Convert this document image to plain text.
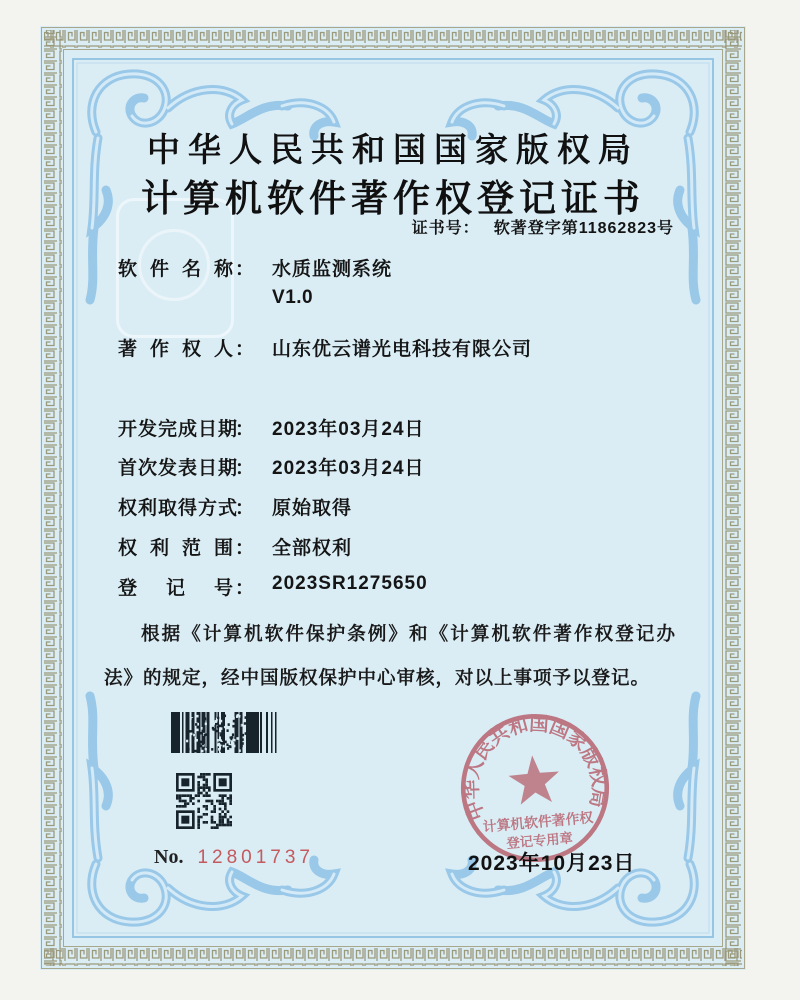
中华人民共和国国家版权局
计算机软件著作权登记证书
证书号： 软著登字第11862823号
软件名称 ： 水质监测系统
V1.0
著作权人 ： 山东优云谱光电科技有限公司
开发完成日期
： 2023年03月24日
首次发表日期
： 2023年03月24日
权利取得方式
： 原始取得
权利范围 ： 全部权利
登记号 ： 2023SR1275650
根据《计算机软件保护条例》和《计算机软件著作权登记办法》的规定，经中国版权保护中心审核，对以上事项予以登记。
中华人民共和国国家版权局
计算机软件著作权
登记专用章
No. 12801737	2023年10月23日
